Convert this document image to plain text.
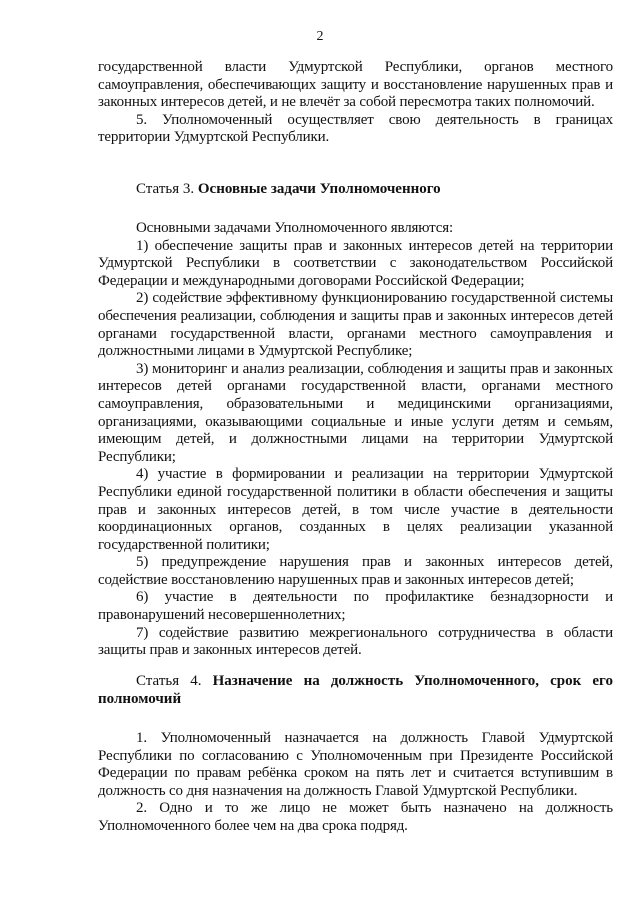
2

государственной власти Удмуртской Республики, органов местного самоуправления, обеспечивающих защиту и восстановление нарушенных прав и законных интересов детей, и не влечёт за собой пересмотра таких полномочий.

5. Уполномоченный осуществляет свою деятельность в границах территории Удмуртской Республики.

Статья 3. Основные задачи Уполномоченного

Основными задачами Уполномоченного являются:

1) обеспечение защиты прав и законных интересов детей на территории Удмуртской Республики в соответствии с законодательством Российской Федерации и международными договорами Российской Федерации;

2) содействие эффективному функционированию государственной системы обеспечения реализации, соблюдения и защиты прав и законных интересов детей органами государственной власти, органами местного самоуправления и должностными лицами в Удмуртской Республике;

3) мониторинг и анализ реализации, соблюдения и защиты прав и законных интересов детей органами государственной власти, органами местного самоуправления, образовательными и медицинскими организациями, организациями, оказывающими социальные и иные услуги детям и семьям, имеющим детей, и должностными лицами на территории Удмуртской Республики;

4) участие в формировании и реализации на территории Удмуртской Республики единой государственной политики в области обеспечения и защиты прав и законных интересов детей, в том числе участие в деятельности координационных органов, созданных в целях реализации указанной государственной политики;

5) предупреждение нарушения прав и законных интересов детей, содействие восстановлению нарушенных прав и законных интересов детей;

6) участие в деятельности по профилактике безнадзорности и правонарушений несовершеннолетних;

7) содействие развитию межрегионального сотрудничества в области защиты прав и законных интересов детей.

Статья 4. Назначение на должность Уполномоченного, срок его полномочий

1. Уполномоченный назначается на должность Главой Удмуртской Республики по согласованию с Уполномоченным при Президенте Российской Федерации по правам ребёнка сроком на пять лет и считается вступившим в должность со дня назначения на должность Главой Удмуртской Республики.

2. Одно и то же лицо не может быть назначено на должность Уполномоченного более чем на два срока подряд.
